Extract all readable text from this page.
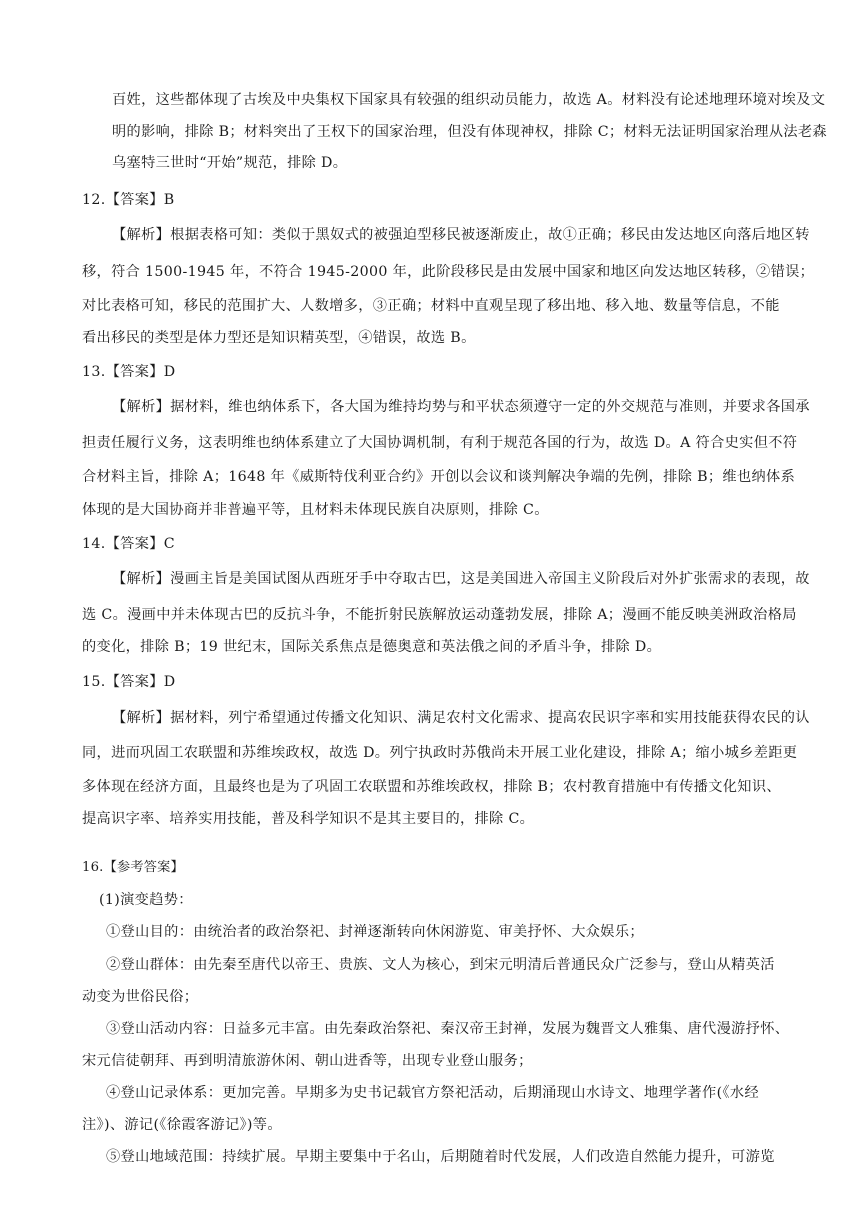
百姓，这些都体现了古埃及中央集权下国家具有较强的组织动员能力，故选 A。材料没有论述地理环境对埃及文
明的影响，排除 B；材料突出了王权下的国家治理，但没有体现神权，排除 C；材料无法证明国家治理从法老森
乌塞特三世时“开始”规范，排除 D。
12.【答案】B
【解析】根据表格可知：类似于黑奴式的被强迫型移民被逐渐废止，故①正确；移民由发达地区向落后地区转
移，符合 1500-1945 年，不符合 1945-2000 年，此阶段移民是由发展中国家和地区向发达地区转移，②错误；
对比表格可知，移民的范围扩大、人数增多，③正确；材料中直观呈现了移出地、移入地、数量等信息，不能
看出移民的类型是体力型还是知识精英型，④错误，故选 B。
13.【答案】D
【解析】据材料，维也纳体系下，各大国为维持均势与和平状态须遵守一定的外交规范与准则，并要求各国承
担责任履行义务，这表明维也纳体系建立了大国协调机制，有利于规范各国的行为，故选 D。A 符合史实但不符
合材料主旨，排除 A；1648 年《威斯特伐利亚合约》开创以会议和谈判解决争端的先例，排除 B；维也纳体系
体现的是大国协商并非普遍平等，且材料未体现民族自决原则，排除 C。
14.【答案】C
【解析】漫画主旨是美国试图从西班牙手中夺取古巴，这是美国进入帝国主义阶段后对外扩张需求的表现，故
选 C。漫画中并未体现古巴的反抗斗争，不能折射民族解放运动蓬勃发展，排除 A；漫画不能反映美洲政治格局
的变化，排除 B；19 世纪末，国际关系焦点是德奥意和英法俄之间的矛盾斗争，排除 D。
15.【答案】D
【解析】据材料，列宁希望通过传播文化知识、满足农村文化需求、提高农民识字率和实用技能获得农民的认
同，进而巩固工农联盟和苏维埃政权，故选 D。列宁执政时苏俄尚未开展工业化建设，排除 A；缩小城乡差距更
多体现在经济方面，且最终也是为了巩固工农联盟和苏维埃政权，排除 B；农村教育措施中有传播文化知识、
提高识字率、培养实用技能，普及科学知识不是其主要目的，排除 C。
16.【参考答案】
(1)演变趋势：
①登山目的：由统治者的政治祭祀、封禅逐渐转向休闲游览、审美抒怀、大众娱乐；
②登山群体：由先秦至唐代以帝王、贵族、文人为核心，到宋元明清后普通民众广泛参与，登山从精英活
动变为世俗民俗；
③登山活动内容：日益多元丰富。由先秦政治祭祀、秦汉帝王封禅，发展为魏晋文人雅集、唐代漫游抒怀、
宋元信徒朝拜、再到明清旅游休闲、朝山进香等，出现专业登山服务；
④登山记录体系：更加完善。早期多为史书记载官方祭祀活动，后期涌现山水诗文、地理学著作(《水经
注》)、游记(《徐霞客游记》)等。
⑤登山地域范围：持续扩展。早期主要集中于名山，后期随着时代发展，人们改造自然能力提升，可游览
